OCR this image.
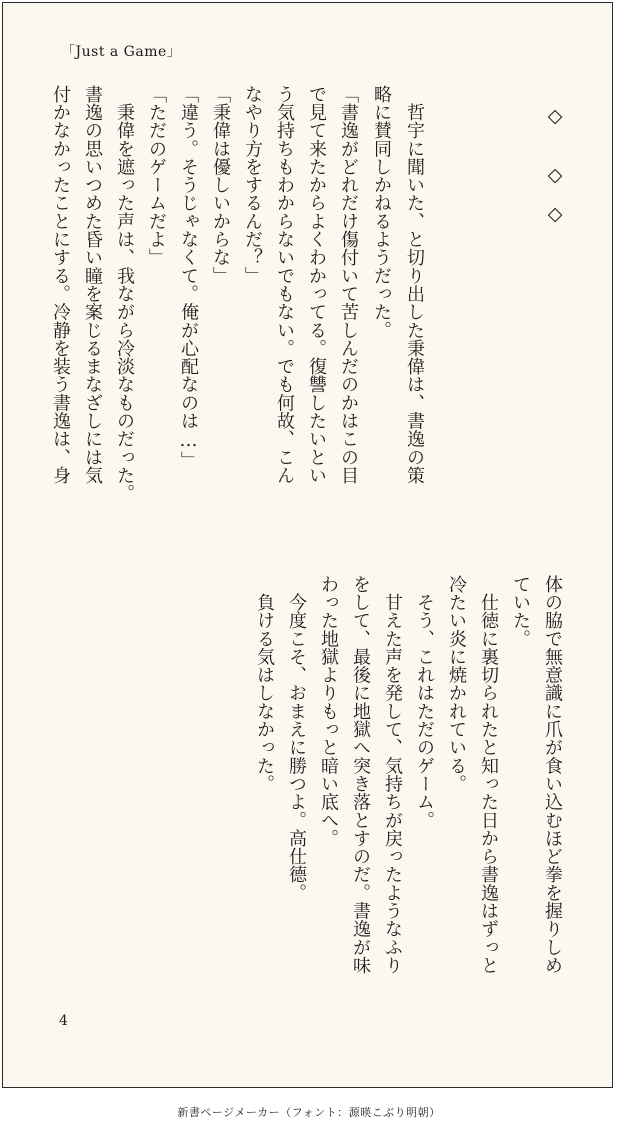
「Just a Game」
◇
◇
◇
　哲宇に聞いた、と切り出した秉偉は、書逸の策
略に賛同しかねるようだった。
「書逸がどれだけ傷付いて苦しんだのかはこの目
で見て来たからよくわかってる。復讐したいとい
う気持ちもわからないでもない。でも何故、こん
なやり方をするんだ？」
「秉偉は優しいからな」
「違う。そうじゃなくて。俺が心配なのは…」
「ただのゲームだよ」
　秉偉を遮った声は、我ながら冷淡なものだった。
書逸の思いつめた昏い瞳を案じるまなざしには気
付かなかったことにする。冷静を装う書逸は、身
体の脇で無意識に爪が食い込むほど拳を握りしめ
ていた。
　仕徳に裏切られたと知った日から書逸はずっと
冷たい炎に焼かれている。
　そう、これはただのゲーム。
　甘えた声を発して、気持ちが戻ったようなふり
をして、最後に地獄へ突き落とすのだ。書逸が味
わった地獄よりもっと暗い底へ。
　今度こそ、おまえに勝つよ。高仕德。
　負ける気はしなかった。
4
新書ページメーカー（フォント：源暎こぶり明朝）
